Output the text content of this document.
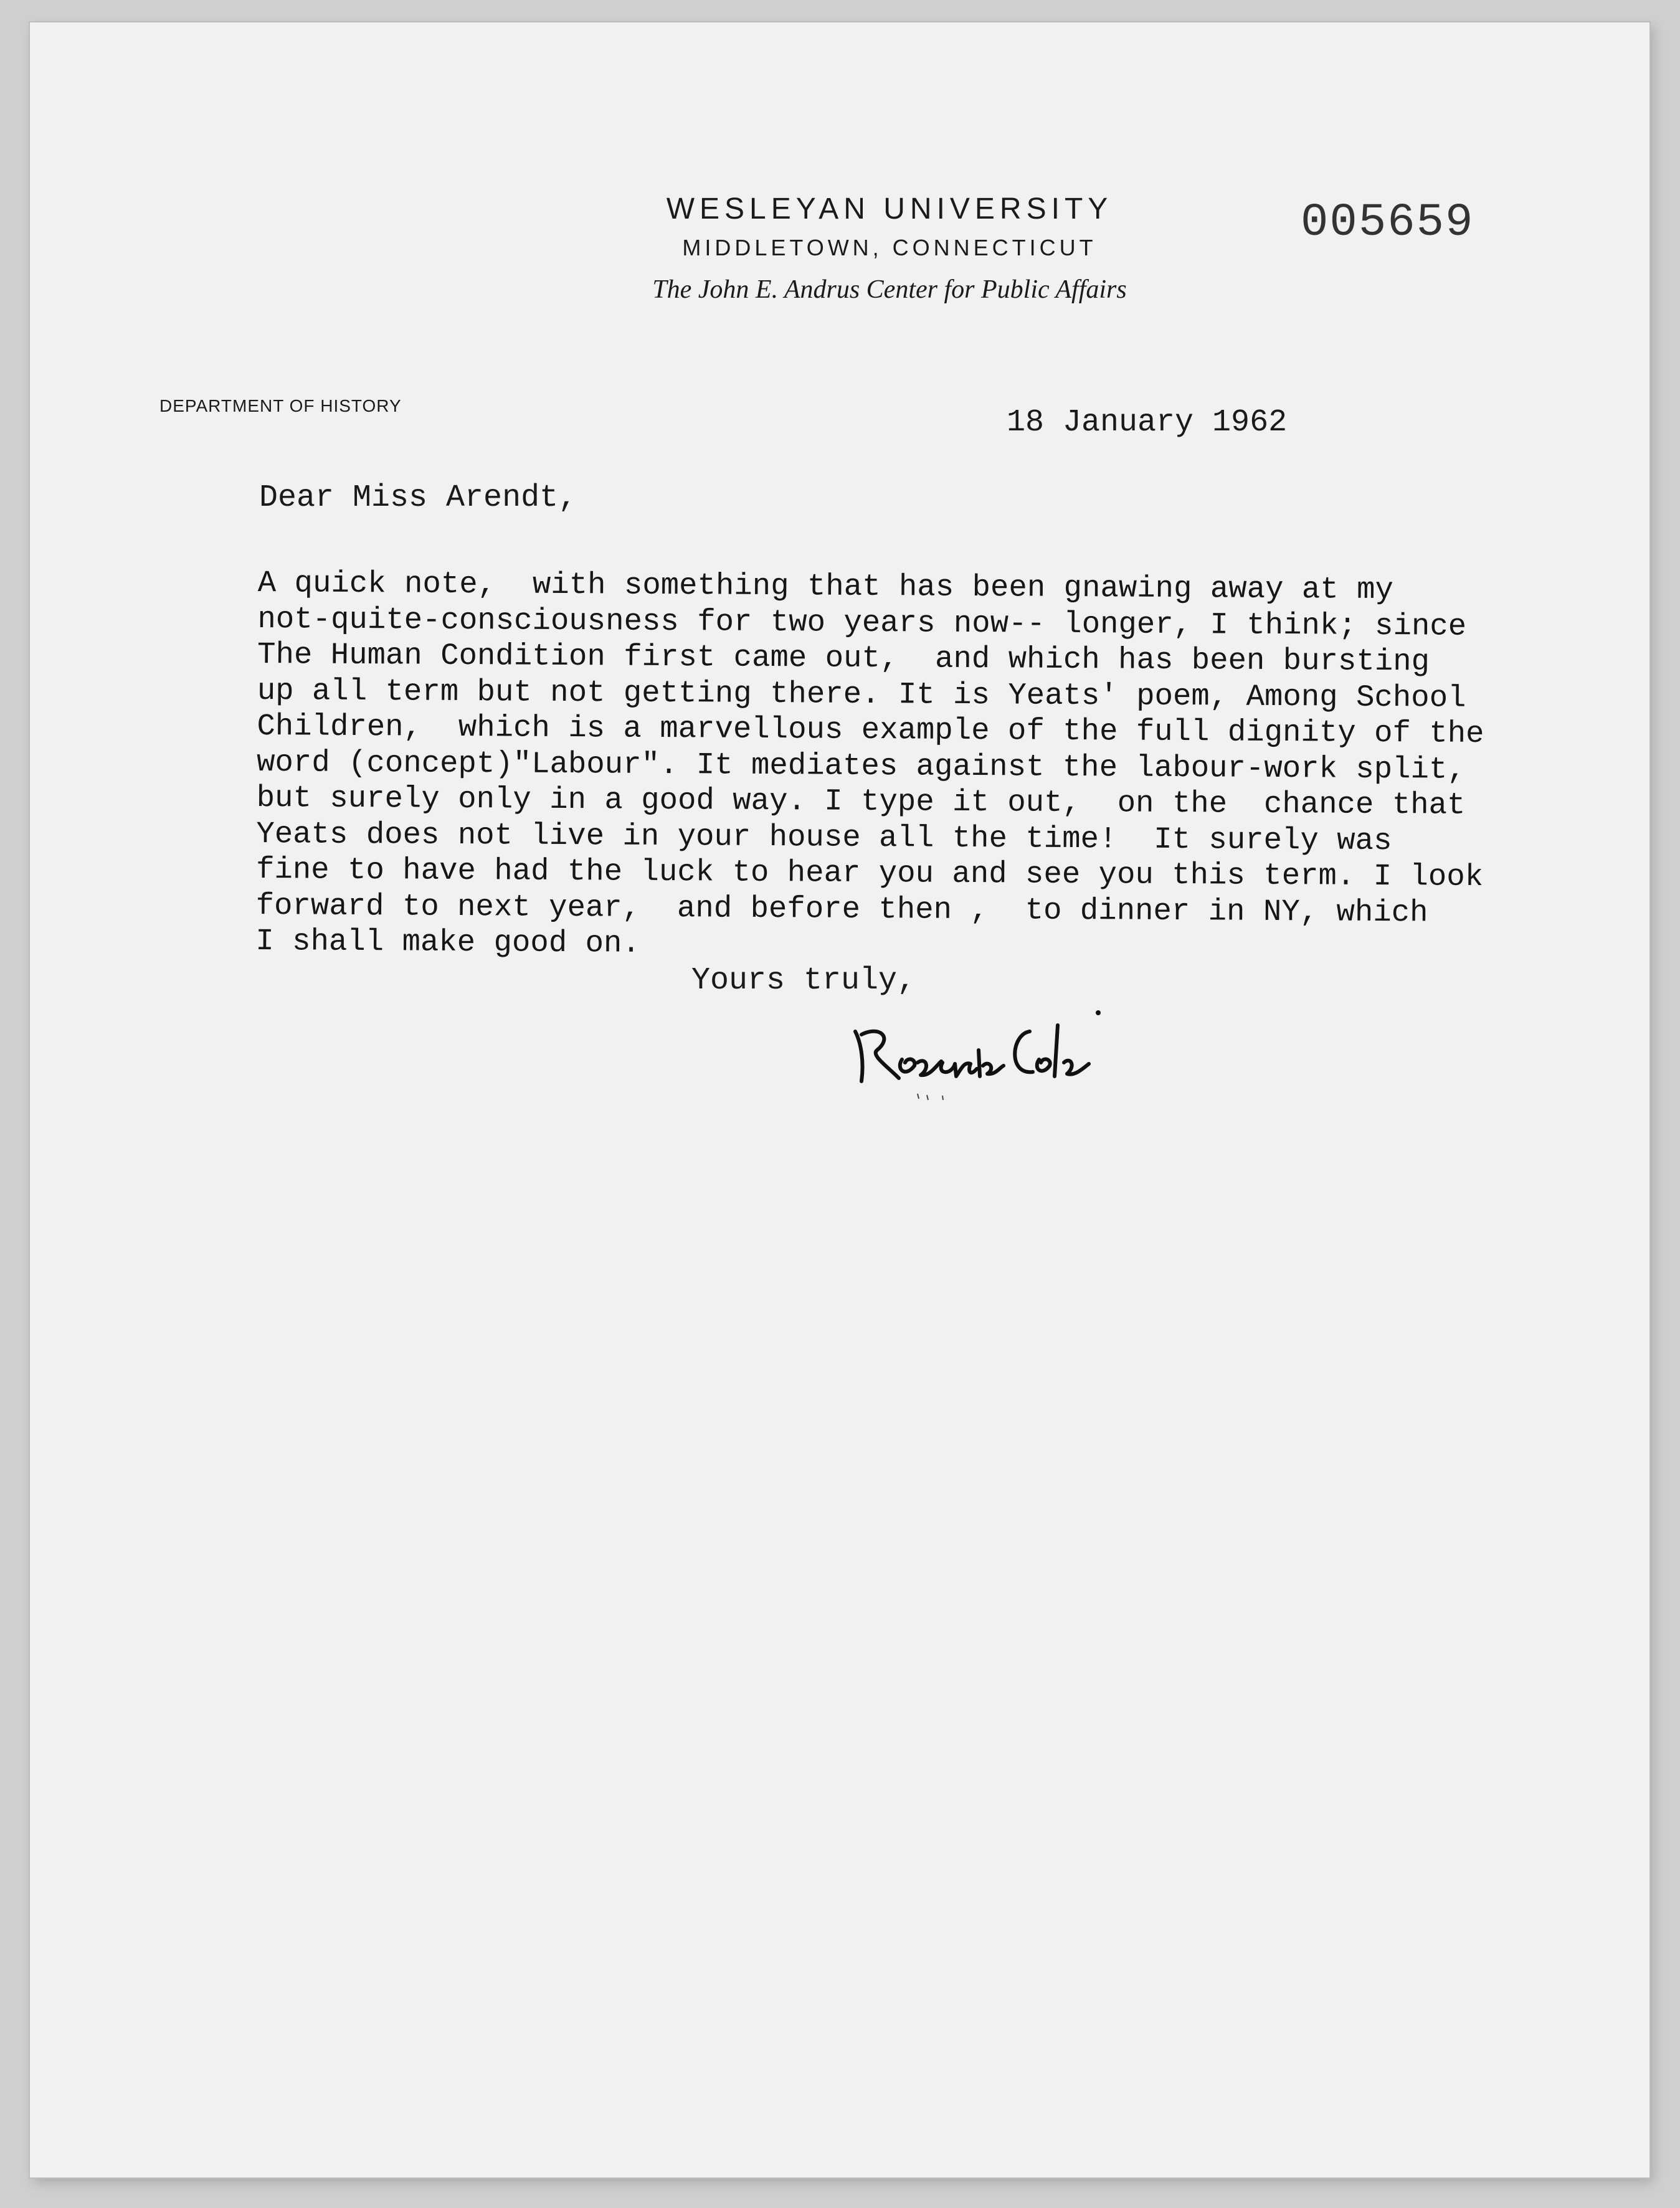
WESLEYAN UNIVERSITY

MIDDLETOWN, CONNECTICUT

The John E. Andrus Center for Public Affairs

005659
DEPARTMENT OF HISTORY	18 January 1962
Dear Miss Arendt,
A quick note,  with something that has been gnawing away at my
not-quite-consciousness for two years now-- longer, I think; since
The Human Condition first came out,  and which has been bursting
up all term but not getting there. It is Yeats' poem, Among School
Children,  which is a marvellous example of the full dignity of the
word (concept)"Labour". It mediates against the labour-work split,
but surely only in a good way. I type it out,  on the  chance that
Yeats does not live in your house all the time!  It surely was
fine to have had the luck to hear you and see you this term. I look
forward to next year,  and before then ,  to dinner in NY, which
I shall make good on.
Yours truly,
